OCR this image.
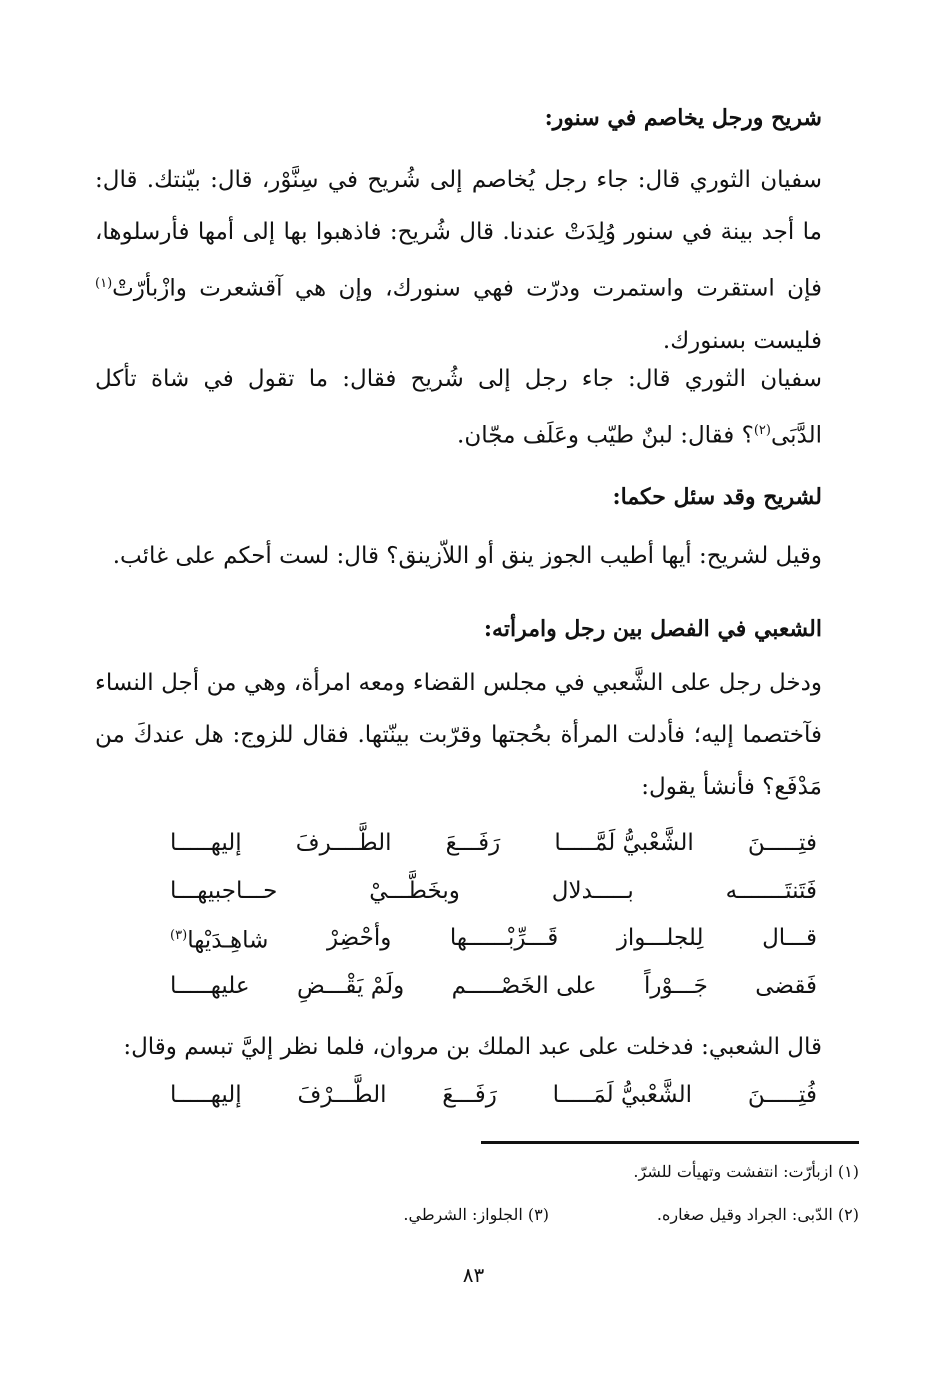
شريح ورجل يخاصم في سنور:
سفيان الثوري قال: جاء رجل يُخاصم إلى شُريح في سِنَّوْر، قال: بيّنتك. قال: ما أجد بينة في سنور وُلِدَتْ عندنا. قال شُريح: فاذهبوا بها إلى أمها فأرسلوها، فإن استقرت واستمرت ودرّت فهي سنورك، وإن هي آقشعرت وازْبأرّتْ$^{(١)}$ فليست بسنورك.
سفيان الثوري قال: جاء رجل إلى شُريح فقال: ما تقول في شاة تأكل الدَّبَى$^{(٢)}$؟ فقال: لبنٌ طيّب وعَلَف مجّان.
لشريح وقد سئل حكما:
وقيل لشريح: أيها أطيب الجوز ينق أو اللاّزينق؟ قال: لست أحكم على غائب.
الشعبي في الفصل بين رجل وامرأته:
ودخل رجل على الشَّعبي في مجلس القضاء ومعه امرأة، وهي من أجل النساء فآختصما إليه؛ فأدلت المرأة بحُجتها وقرّبت بينّتها. فقال للزوج: هل عندكَ من مَدْفَع؟ فأنشأ يقول:
فتِـــــنَ
الشَّعْبيُّ لَمَّـــــا
رَفَـــعَ
الطَّــــرفَ
إليهـــــا
فَتَنتَـــــــه
بـــــدلال
وبخَطَّـــيْ
حـــاجبيهـــا
قـــال
لِلجلـــواز
قَـــرِّبْــــــها
وأحْضِرْ
شاهِـدَيْها$^{(٣)}$
فَقضى
جَـــوْراً
على الخَصْـــــم
ولَمْ يَقْـــضِ
عليهـــــا
قال الشعبي: فدخلت على عبد الملك بن مروان، فلما نظر إليَّ تبسم وقال:
فُتِـــــنَ
الشَّعْبيُّ لَمَـــــا
رَفَـــعَ
الطَّـــرْفَ
إليهـــــا
(١) ازبأرّت: انتفشت وتهيأت للشرّ.
(٢) الدّبى: الجراد وقيل صغاره.
(٣) الجلواز: الشرطي.
٨٣
